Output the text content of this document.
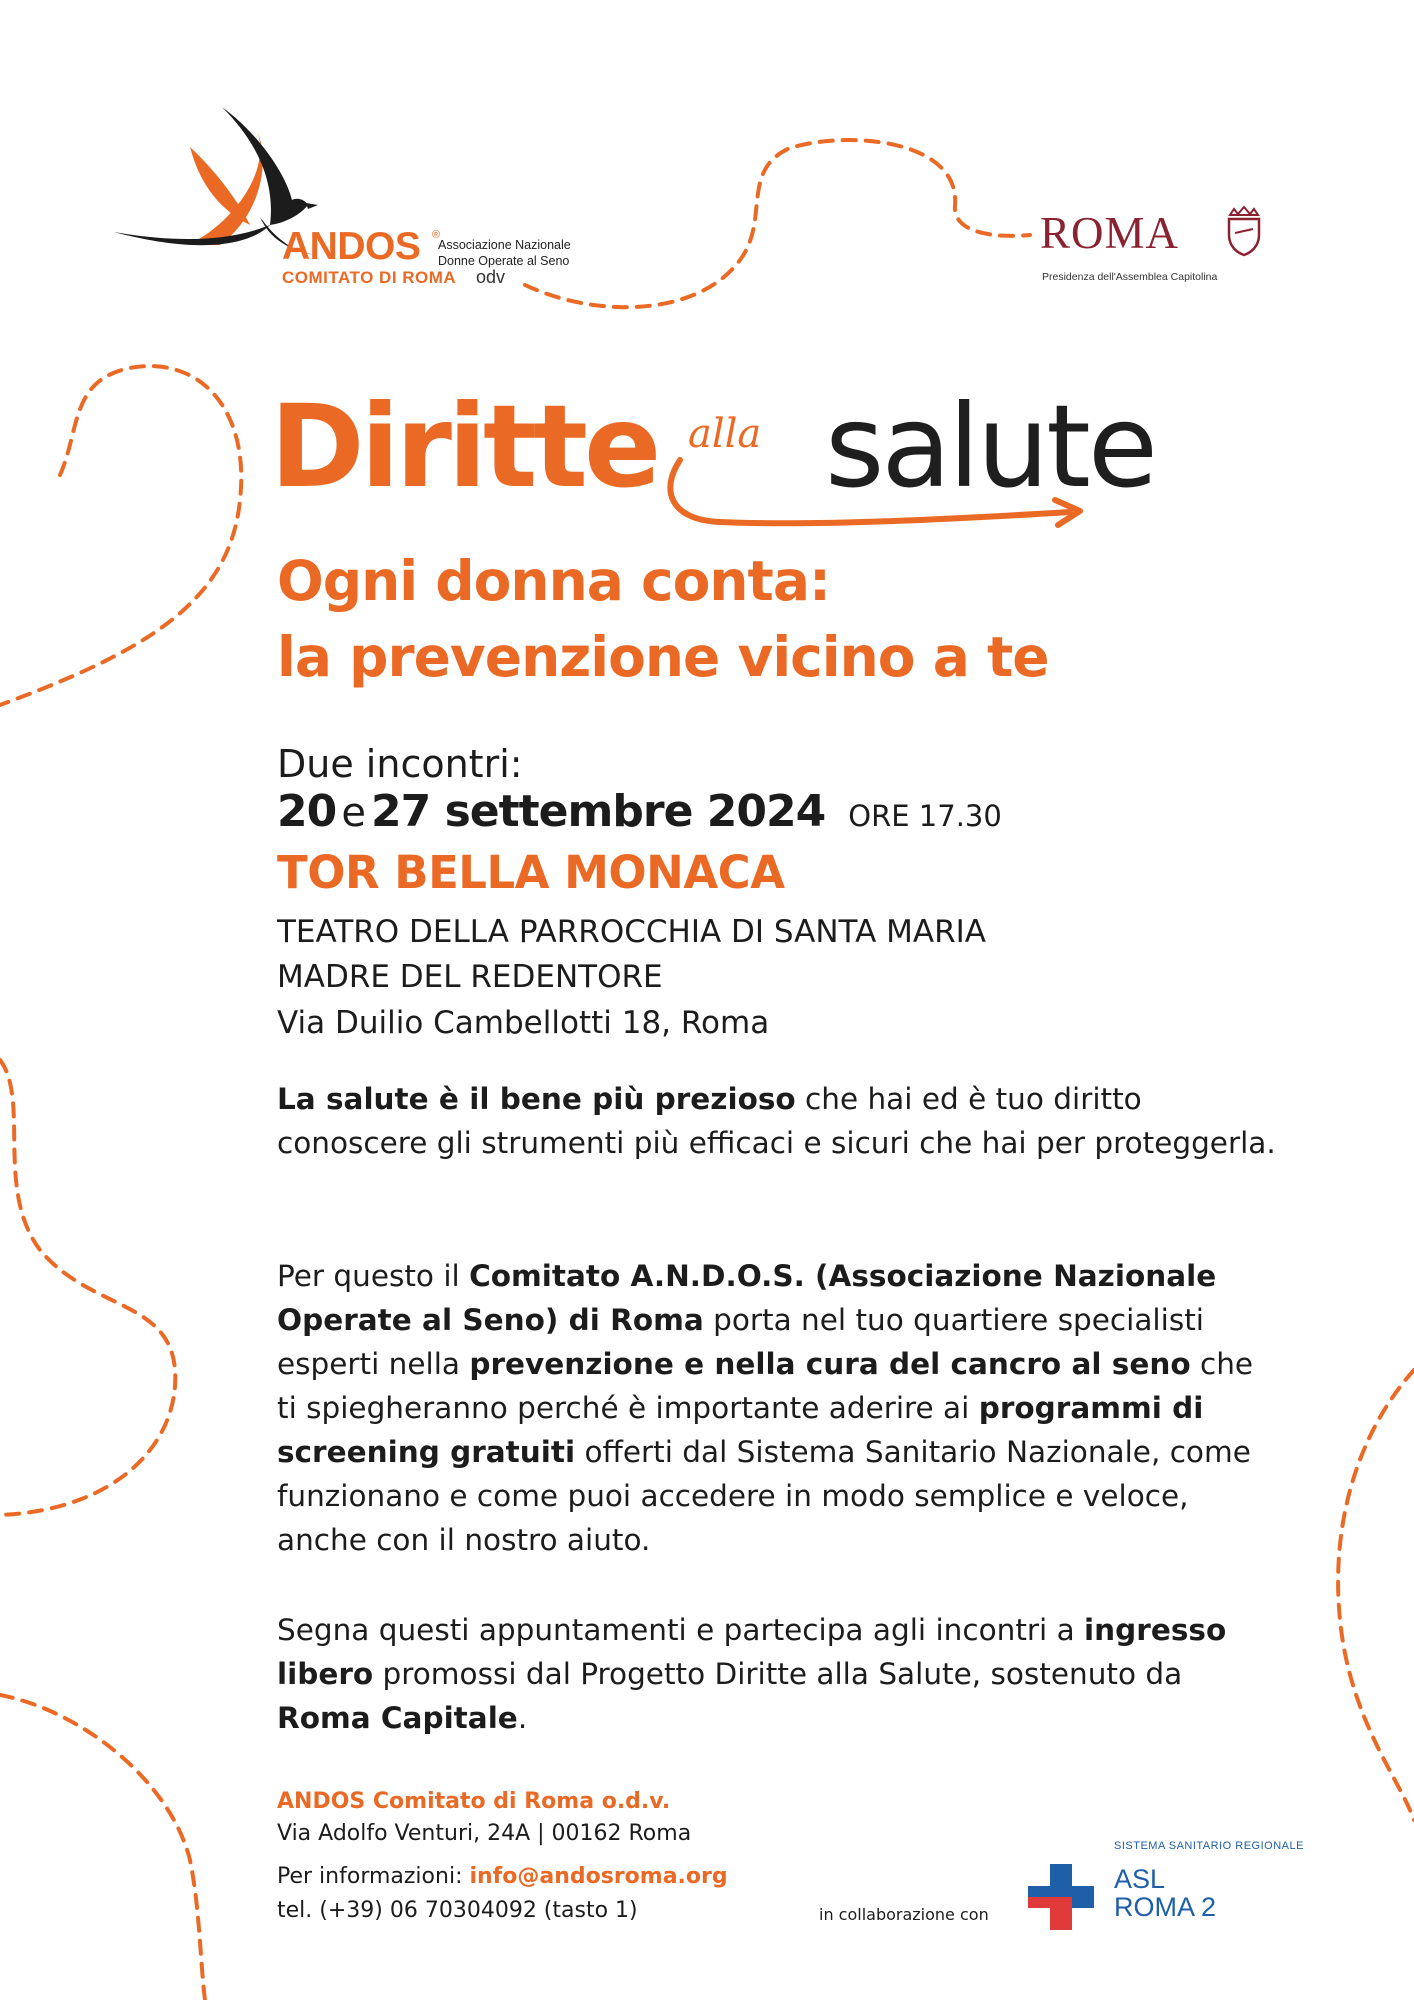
ANDOS ®
Associazione Nazionale
Donne Operate al Seno
COMITATO DI ROMA odv
ROMA
Presidenza dell'Assemblea Capitolina
Diritte alla salute
Ogni donna conta:
la prevenzione vicino a te
Due incontri:
20 e 27 settembre 2024 ORE 17.30
TOR BELLA MONACA
TEATRO DELLA PARROCCHIA DI SANTA MARIA
MADRE DEL REDENTORE
Via Duilio Cambellotti 18, Roma
La salute è il bene più prezioso che hai ed è tuo diritto conoscere gli strumenti più efficaci e sicuri che hai per proteggerla.
Per questo il Comitato A.N.D.O.S. (Associazione Nazionale Operate al Seno) di Roma porta nel tuo quartiere specialisti esperti nella prevenzione e nella cura del cancro al seno che ti spiegheranno perché è importante aderire ai programmi di screening gratuiti offerti dal Sistema Sanitario Nazionale, come funzionano e come puoi accedere in modo semplice e veloce, anche con il nostro aiuto.
Segna questi appuntamenti e partecipa agli incontri a ingresso libero promossi dal Progetto Diritte alla Salute, sostenuto da Roma Capitale.
ANDOS Comitato di Roma o.d.v.
Via Adolfo Venturi, 24A | 00162 Roma
Per informazioni: info@andosroma.org
tel. (+39) 06 70304092 (tasto 1)	in collaborazione con
SISTEMA SANITARIO REGIONALE
ASL
ROMA 2
